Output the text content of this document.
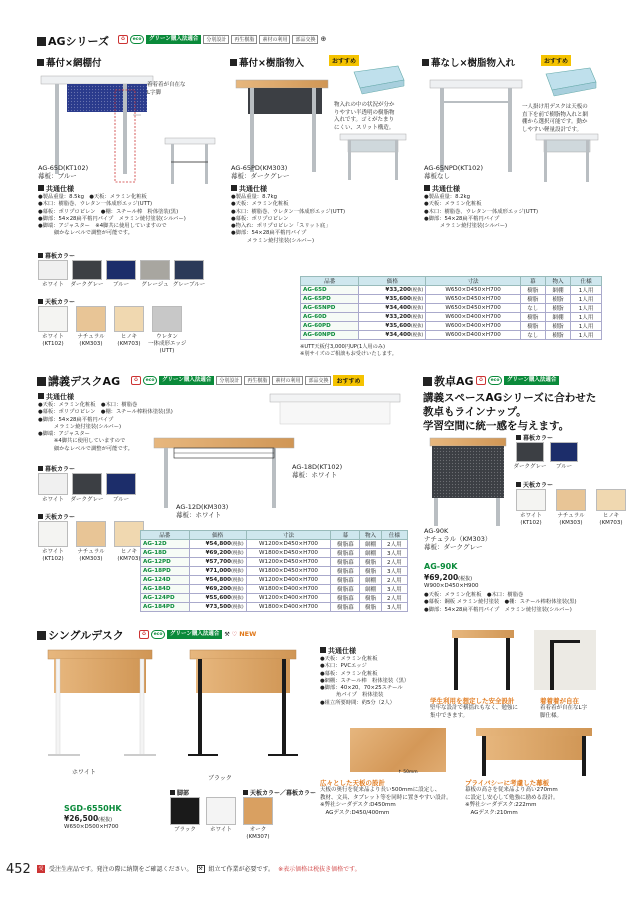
AGシリーズ	♻	eco	グリーン購入法適合	分別設計	再生樹脂	素材の利用	部品交換 ⊕
幕付×網棚付
着着着が自在な
L字脚
AG-65D(KT102)
幕板：ブルー
幕付×樹脂物入	おすすめ
物入れの中の状況が分か
りやすい半透明の樹脂物
入れです。ゴミがたまり
にくい、スリット構造。
AG-65PD(KM303)
幕板：ダークグレー
幕なし×樹脂物入れ	おすすめ
一人掛け用デスクは天板の
直下を前で樹脂物入れと網
棚から選択可能です。動か
しやすい軽量設計です。
AG-65NPD(KT102)
幕板なし
共通仕様
●製品重量：8.5kg　●天板：メラミン化粧板
●木口：樹脂巻、ウレタン一体成形エッジ(UTT)
●幕板：ポリプロピレン　●棚：スチール棒　粉体塗装(黒)
●脚部：54×28扁平楕円パイプ　メラミン焼付塗装(シルバー)
●脚端：アジャスター　※4脚共に使用していますので
　　　細かなレベルで調整が可能です。
共通仕様
●製品重量：8.7kg
●天板：メラミン化粧板
●木口：樹脂巻、ウレタン一体成形エッジ(UTT)
●幕板：ポリプロピレン
●物入れ：ポリプロピレン「スリット底」
●脚部：54×28扁平楕円パイプ
　　　メラミン焼付塗装(シルバー)
共通仕様
●製品重量：8.2kg
●天板：メラミン化粧板
●木口：樹脂巻、ウレタン一体成形エッジ(UTT)
●脚部：54×28扁平楕円パイプ
　　　メラミン焼付塗装(シルバー)
幕板カラー
ホワイト	ダークグレー	ブルー	グレージュ グレーブルー
天板カラー
ホワイト
(KT102)
ナチュラル
(KM303)
ヒノキ
(KM703)
ウレタン
一体成形エッジ
(UTT)
品番	価格	寸法	幕	物入	仕様
AG-65D	¥33,200(税抜)	W650×D450×H700	樹脂	網棚	1人用
AG-65PD	¥35,600(税抜)	W650×D450×H700	樹脂	樹脂	1人用
AG-65NPD	¥34,400(税抜)	W650×D450×H700	なし	樹脂	1人用
AG-60D	¥33,200(税抜)	W600×D400×H700	樹脂	網棚	1人用
AG-60PD	¥35,600(税抜)	W600×D400×H700	樹脂	樹脂	1人用
AG-60NPD	¥34,400(税抜)	W600×D400×H700	なし	樹脂	1人用
※UTT天板付3,000円UP(1人用のみ)
※別サイズのご相談もお受けいたします。
講義デスクAG	♻	eco	グリーン購入法適合	分別設計	再生樹脂	素材の利用	部品交換	おすすめ
共通仕様
●天板：メラミン化粧板　●木口：樹脂巻
●幕板：ポリプロピレン　●棚：スチール棒粉体塗装(黒)
●脚部：54×28扁平楕円パイプ
　　　メラミン焼付塗装(シルバー)
●脚端：アジャスター
　　　※4脚共に使用していますので
　　　細かなレベルで調整が可能です。
AG-18D(KT102)
幕板：ホワイト
AG-12D(KM303)
幕板：ホワイト
幕板カラー
ホワイト	ダークグレー	ブルー
天板カラー
ホワイト
(KT102)
ナチュラル
(KM303)
ヒノキ
(KM703)
品番	価格	寸法	幕	物入	仕様
AG-12D	¥54,800(税抜)	W1200×D450×H700	樹脂幕	網棚	2人用
AG-18D	¥69,200(税抜)	W1800×D450×H700	樹脂幕	網棚	3人用
AG-12PD	¥57,700(税抜)	W1200×D450×H700	樹脂幕	樹脂	2人用
AG-18PD	¥71,000(税抜)	W1800×D450×H700	樹脂幕	樹脂	3人用
AG-124D	¥54,800(税抜)	W1200×D400×H700	樹脂幕	網棚	2人用
AG-184D	¥69,200(税抜)	W1800×D400×H700	樹脂幕	網棚	3人用
AG-124PD	¥55,600(税抜)	W1200×D400×H700	樹脂幕	樹脂	2人用
AG-184PD	¥73,500(税抜)	W1800×D400×H700	樹脂幕	樹脂	3人用
教卓AG	♻	eco	グリーン購入法適合
講義スペースAGシリーズに合わせた
教卓もラインナップ。
学習空間に統一感を与えます。
AG-90K
ナチュラル（KM303）
幕板：ダークグレー
幕板カラー
ダークグレー	ブルー
天板カラー
ホワイト
(KT102)
ナチュラル
(KM303)
ヒノキ
(KM703)
AG-90K
¥69,200(税抜)
W900×D450×H900
●天板：メラミン化粧板　●木口：樹脂巻
●幕板：鋼板 メラミン焼付塗装　●棚：スチール棒粉体塗装(黒)
●脚部：54×28扁平楕円パイプ　メラミン焼付塗装(シルバー)
シングルデスク	♻	eco	グリーン購入法適合 ⚒ ♡ NEW
ホワイト
ブラック
SGD-6550HK
¥26,500(税抜)
W650×D500×H700
脚部
ブラック	ホワイト
天板カラー／幕板カラー
オーク
(KM307)
共通仕様
●天板：メラミン化粧板
●木口：PVCエッジ
●幕板：メラミン化粧板
●網棚：スチール棒　粉体塗装（黒）
●脚部：40×20、70×25スチール
　　　角パイプ　粉体塗装
●組立所要時間：約5分（2人）	学生利用を想定した安全設計
堅牢な設計で横揺れもなく、勉強に
集中できます。
着着着が自在
着着着が自在なL字
脚仕様。
↑ 50mm
広々とした天板の設計
天板の奥行を従来品より長い500mmに設定し、
教材、文具、タブレット等を同時に置きやすい設計。
※弊社シーダデスク:D450mm
　AGデスク:D450/400mm
プライバシーに考慮した幕板
幕板の高さを従来品より高い270mm
に設定し安心して勉強に励める設計。
※弊社シーダデスク:222mm
　AGデスク:210mm
452 受 受注生産品です。発注の際に納期をご確認ください。	⚒ 組立て作業が必要です。 ※表示価格は税抜き価格です。
